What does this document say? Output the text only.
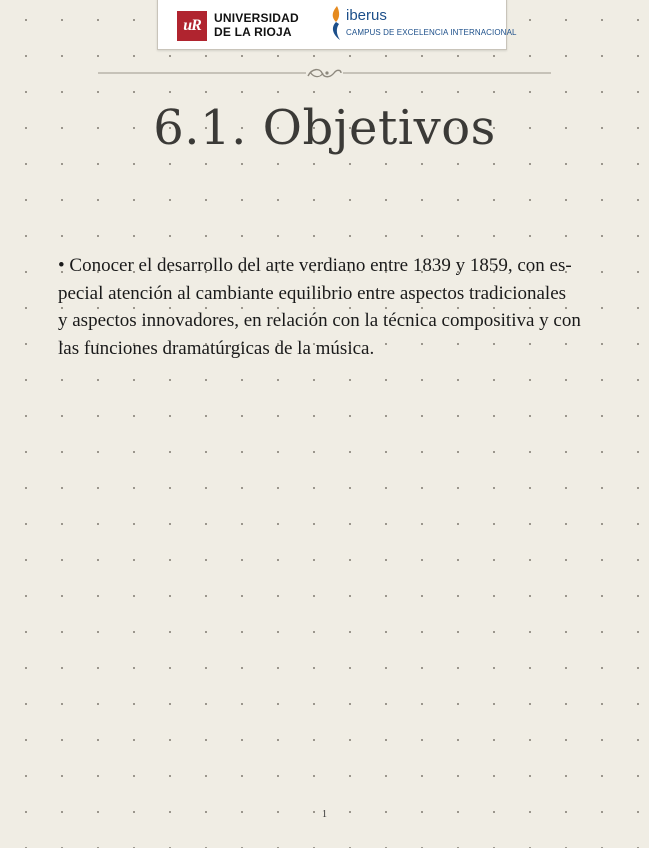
uR	UNIVERSIDAD
DE LA RIOJA
iberus
CAMPUS DE EXCELENCIA INTERNACIONAL
6.1. Objetivos
• Conocer el desarrollo del arte verdiano entre 1839 y 1859, con es-
pecial atención al cambiante equilibrio entre aspectos tradicionales
y aspectos innovadores, en relación con la técnica compositiva y con
las funciones dramatúrgicas de la música.
1
